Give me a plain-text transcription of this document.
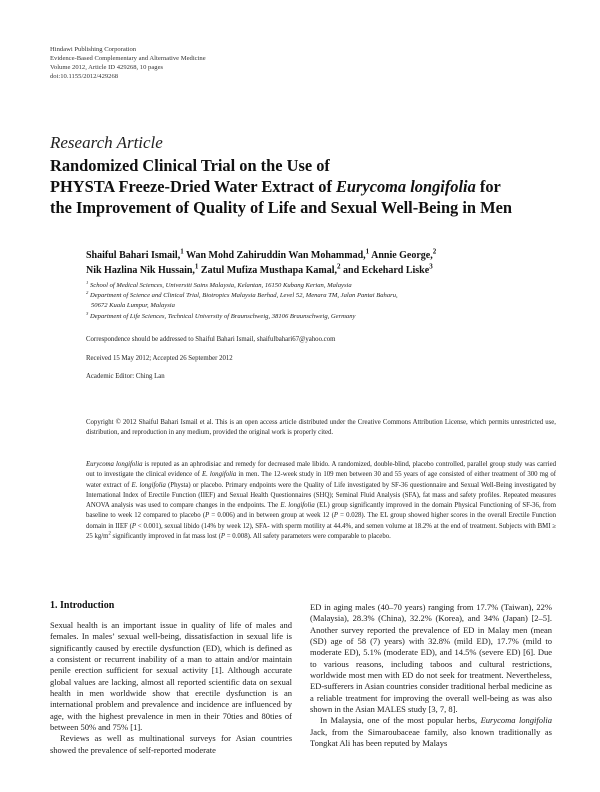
Hindawi Publishing Corporation
Evidence-Based Complementary and Alternative Medicine
Volume 2012, Article ID 429268, 10 pages
doi:10.1155/2012/429268
Research Article
Randomized Clinical Trial on the Use of
PHYSTA Freeze-Dried Water Extract of Eurycoma longifolia for
the Improvement of Quality of Life and Sexual Well-Being in Men
Shaiful Bahari Ismail,$^1$ Wan Mohd Zahiruddin Wan Mohammad,$^1$ Annie George,$^2$
Nik Hazlina Nik Hussain,$^1$ Zatul Mufiza Musthapa Kamal,$^2$ and Eckehard Liske$^3$
$^1$ School of Medical Sciences, Universiti Sains Malaysia, Kelantan, 16150 Kubang Kerian, Malaysia
$^2$ Department of Science and Clinical Trial, Biotropics Malaysia Berhad, Level 52, Menara TM, Jalan Pantai Baharu,
50672 Kuala Lumpur, Malaysia
$^3$ Department of Life Sciences, Technical University of Braunschweig, 38106 Braunschweig, Germany
Correspondence should be addressed to Shaiful Bahari Ismail, shaifulbahari67@yahoo.com
Received 15 May 2012; Accepted 26 September 2012
Academic Editor: Ching Lan
Copyright © 2012 Shaiful Bahari Ismail et al. This is an open access article distributed under the Creative Commons Attribution License, which permits unrestricted use, distribution, and reproduction in any medium, provided the original work is properly cited.
Eurycoma longifolia is reputed as an aphrodisiac and remedy for decreased male libido. A randomized, double-blind, placebo controlled, parallel group study was carried out to investigate the clinical evidence of E. longifolia in men. The 12-week study in 109 men between 30 and 55 years of age consisted of either treatment of 300 mg of water extract of E. longifolia (Physta) or placebo. Primary endpoints were the Quality of Life investigated by SF-36 questionnaire and Sexual Well-Being investigated by International Index of Erectile Function (IIEF) and Sexual Health Questionnaires (SHQ); Seminal Fluid Analysis (SFA), fat mass and safety profiles. Repeated measures ANOVA analysis was used to compare changes in the endpoints. The E. longifolia (EL) group significantly improved in the domain Physical Functioning of SF-36, from baseline to week 12 compared to placebo (P = 0.006) and in between group at week 12 (P = 0.028). The EL group showed higher scores in the overall Erectile Function domain in IIEF (P < 0.001), sexual libido (14% by week 12), SFA- with sperm motility at 44.4%, and semen volume at 18.2% at the end of treatment. Subjects with BMI ≥ 25 $kg/m^2$ significantly improved in fat mass lost (P = 0.008). All safety parameters were comparable to placebo.
1. Introduction

Sexual health is an important issue in quality of life of males and females. In males’ sexual well-being, dissatisfaction in sexual life is significantly caused by erectile dysfunction (ED), which is defined as a consistent or recurrent inability of a man to attain and/or maintain penile erection sufficient for sexual activity [1]. Although accurate global values are lacking, almost all reported scientific data on sexual health in men worldwide show that erectile dysfunction is an international problem and prevalence and incidence are influenced by age, with the highest prevalence in men in their 70ties and 80ties of between 50% and 75% [1].

Reviews as well as multinational surveys for Asian countries showed the prevalence of self-reported moderate

ED in aging males (40–70 years) ranging from 17.7% (Taiwan), 22% (Malaysia), 28.3% (China), 32.2% (Korea), and 34% (Japan) [2–5]. Another survey reported the prevalence of ED in Malay men (mean (SD) age of 58 (7) years) with 32.8% (mild ED), 17.7% (mild to moderate ED), 5.1% (moderate ED), and 14.5% (severe ED) [6]. Due to various reasons, including taboos and cultural restrictions, worldwide most men with ED do not seek for treatment. Nevertheless, ED-sufferers in Asian countries consider traditional herbal medicine as a reliable treatment for improving the overall well-being as was also shown in the Asian MALES study [3, 7, 8].

In Malaysia, one of the most popular herbs, Eurycoma longifolia Jack, from the Simaroubaceae family, also known traditionally as Tongkat Ali has been reputed by Malays
